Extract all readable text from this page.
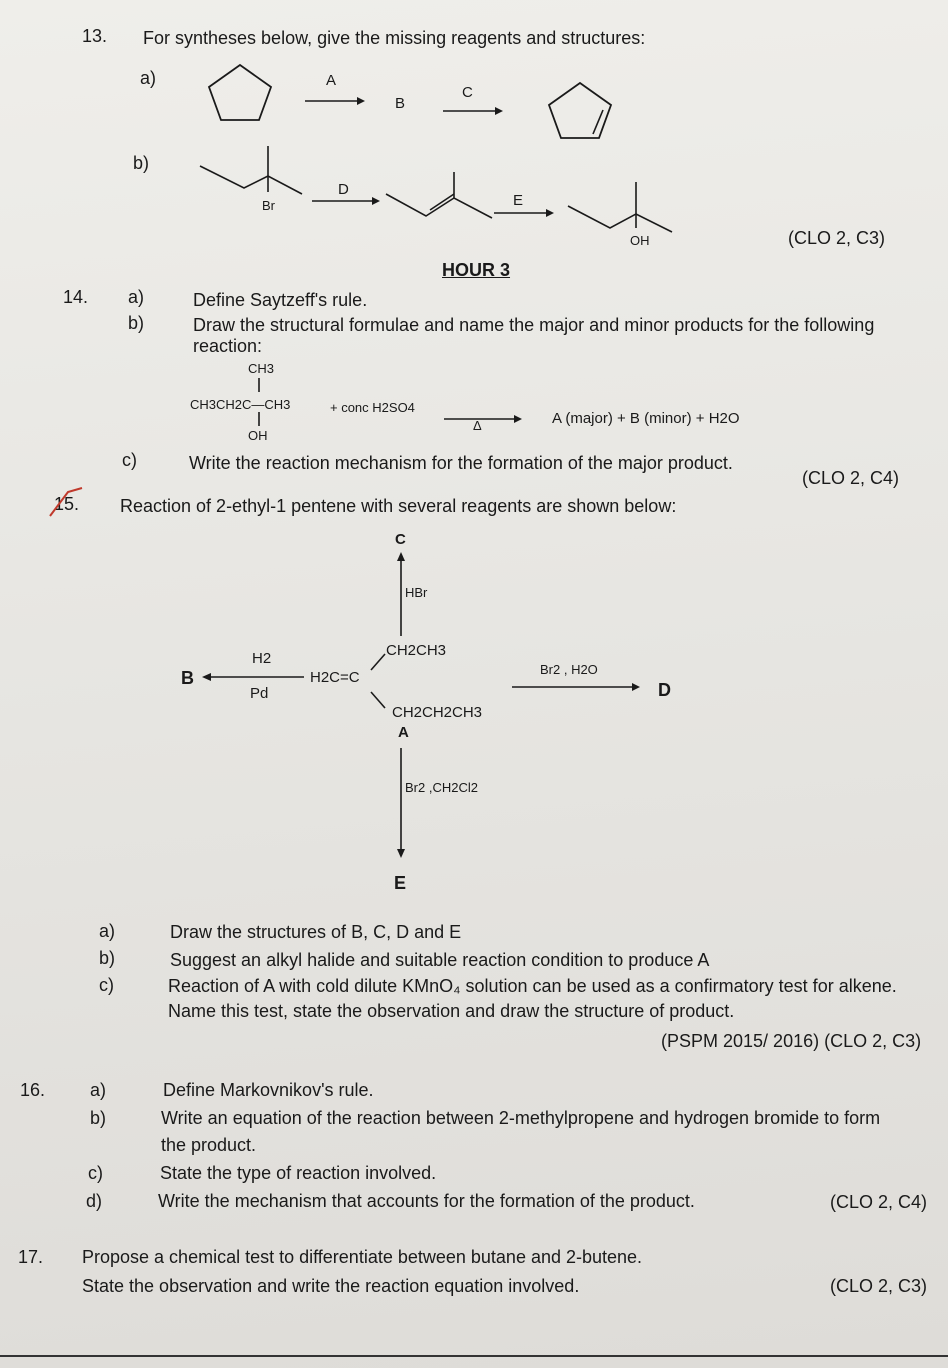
13. For syntheses below, give the missing reagents and structures:
a)	A
B
C
b)
Br
D
E
OH	(CLO 2, C3)
HOUR 3
14. a)	Define Saytzeff's rule.
b)	Draw the structural formulae and name the major and minor products for the following
reaction:
CH3
CH3CH2C—CH3
OH
+ conc H2SO4
Δ	A (major) + B (minor) + H2O
c)	Write the reaction mechanism for the formation of the major product.
(CLO 2, C4)
15. Reaction of 2-ethyl-1 pentene with several reagents are shown below:
C
HBr
B
H2
Pd
H2C=C
CH2CH3
CH2CH2CH3
A
Br2 , H2O
D
Br2 ,CH2Cl2
E
a)	Draw the structures of B, C, D and E
b)	Suggest an alkyl halide and suitable reaction condition to produce A
c)	Reaction of A with cold dilute KMnO₄ solution can be used as a confirmatory test for alkene.
Name this test, state the observation and draw the structure of product.
(PSPM 2015/ 2016) (CLO 2, C3)
16. a)	Define Markovnikov's rule.
b)	Write an equation of the reaction between 2-methylpropene and hydrogen bromide to form
the product.
c)	State the type of reaction involved.
d)	Write the mechanism that accounts for the formation of the product.	(CLO 2, C4)
17. Propose a chemical test to differentiate between butane and 2-butene.
State the observation and write the reaction equation involved.	(CLO 2, C3)
